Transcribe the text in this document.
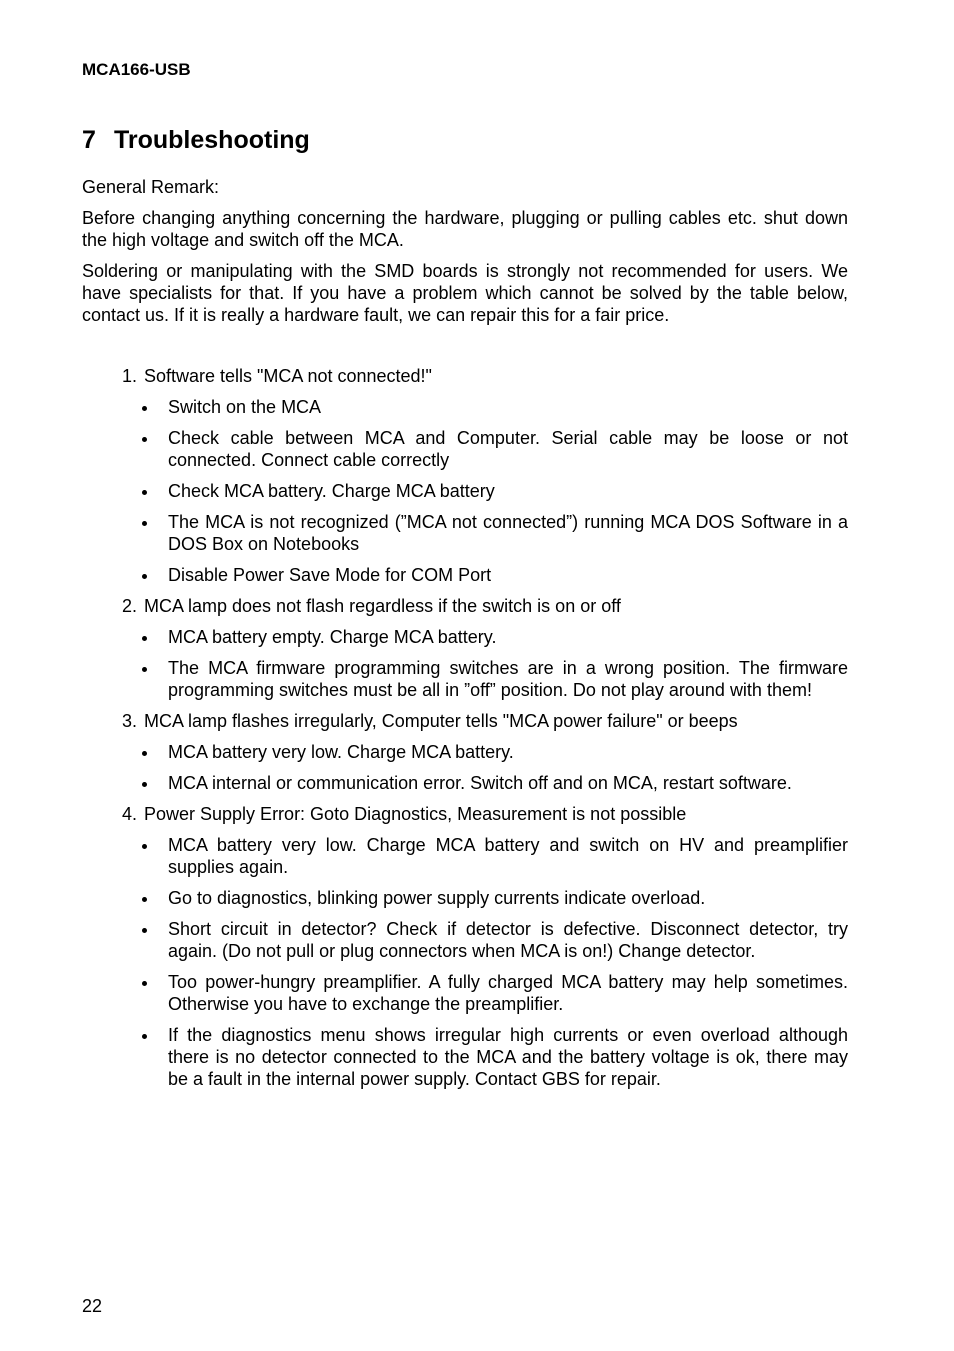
MCA166-USB

7 Troubleshooting

General Remark:

Before changing anything concerning the hardware, plugging or pulling cables etc. shut down the high voltage and switch off the MCA.

Soldering or manipulating with the SMD boards is strongly not recommended for users. We have specialists for that. If you have a problem which cannot be solved by the table below, contact us. If it is really a hardware fault, we can repair this for a fair price.

1. Software tells "MCA not connected!"
Switch on the MCA
Check cable between MCA and Computer. Serial cable may be loose or not connected. Connect cable correctly
Check MCA battery. Charge MCA battery
The MCA is not recognized (”MCA not connected”) running MCA DOS Software in a DOS Box on Notebooks
Disable Power Save Mode for COM Port
2. MCA lamp does not flash regardless if the switch is on or off
MCA battery empty. Charge MCA battery.
The MCA firmware programming switches are in a wrong position. The firmware programming switches must be all in ”off” position. Do not play around with them!
3. MCA lamp flashes irregularly, Computer tells "MCA power failure" or beeps
MCA battery very low. Charge MCA battery.
MCA internal or communication error. Switch off and on MCA, restart software.
4. Power Supply Error: Goto Diagnostics, Measurement is not possible
MCA battery very low. Charge MCA battery and switch on HV and preamplifier supplies again.
Go to diagnostics, blinking power supply currents indicate overload.
Short circuit in detector? Check if detector is defective. Disconnect detector, try again. (Do not pull or plug connectors when MCA is on!) Change detector.
Too power-hungry preamplifier. A fully charged MCA battery may help sometimes. Otherwise you have to exchange the preamplifier.
If the diagnostics menu shows irregular high currents or even overload although there is no detector connected to the MCA and the battery voltage is ok, there may be a fault in the internal power supply. Contact GBS for repair.

22
